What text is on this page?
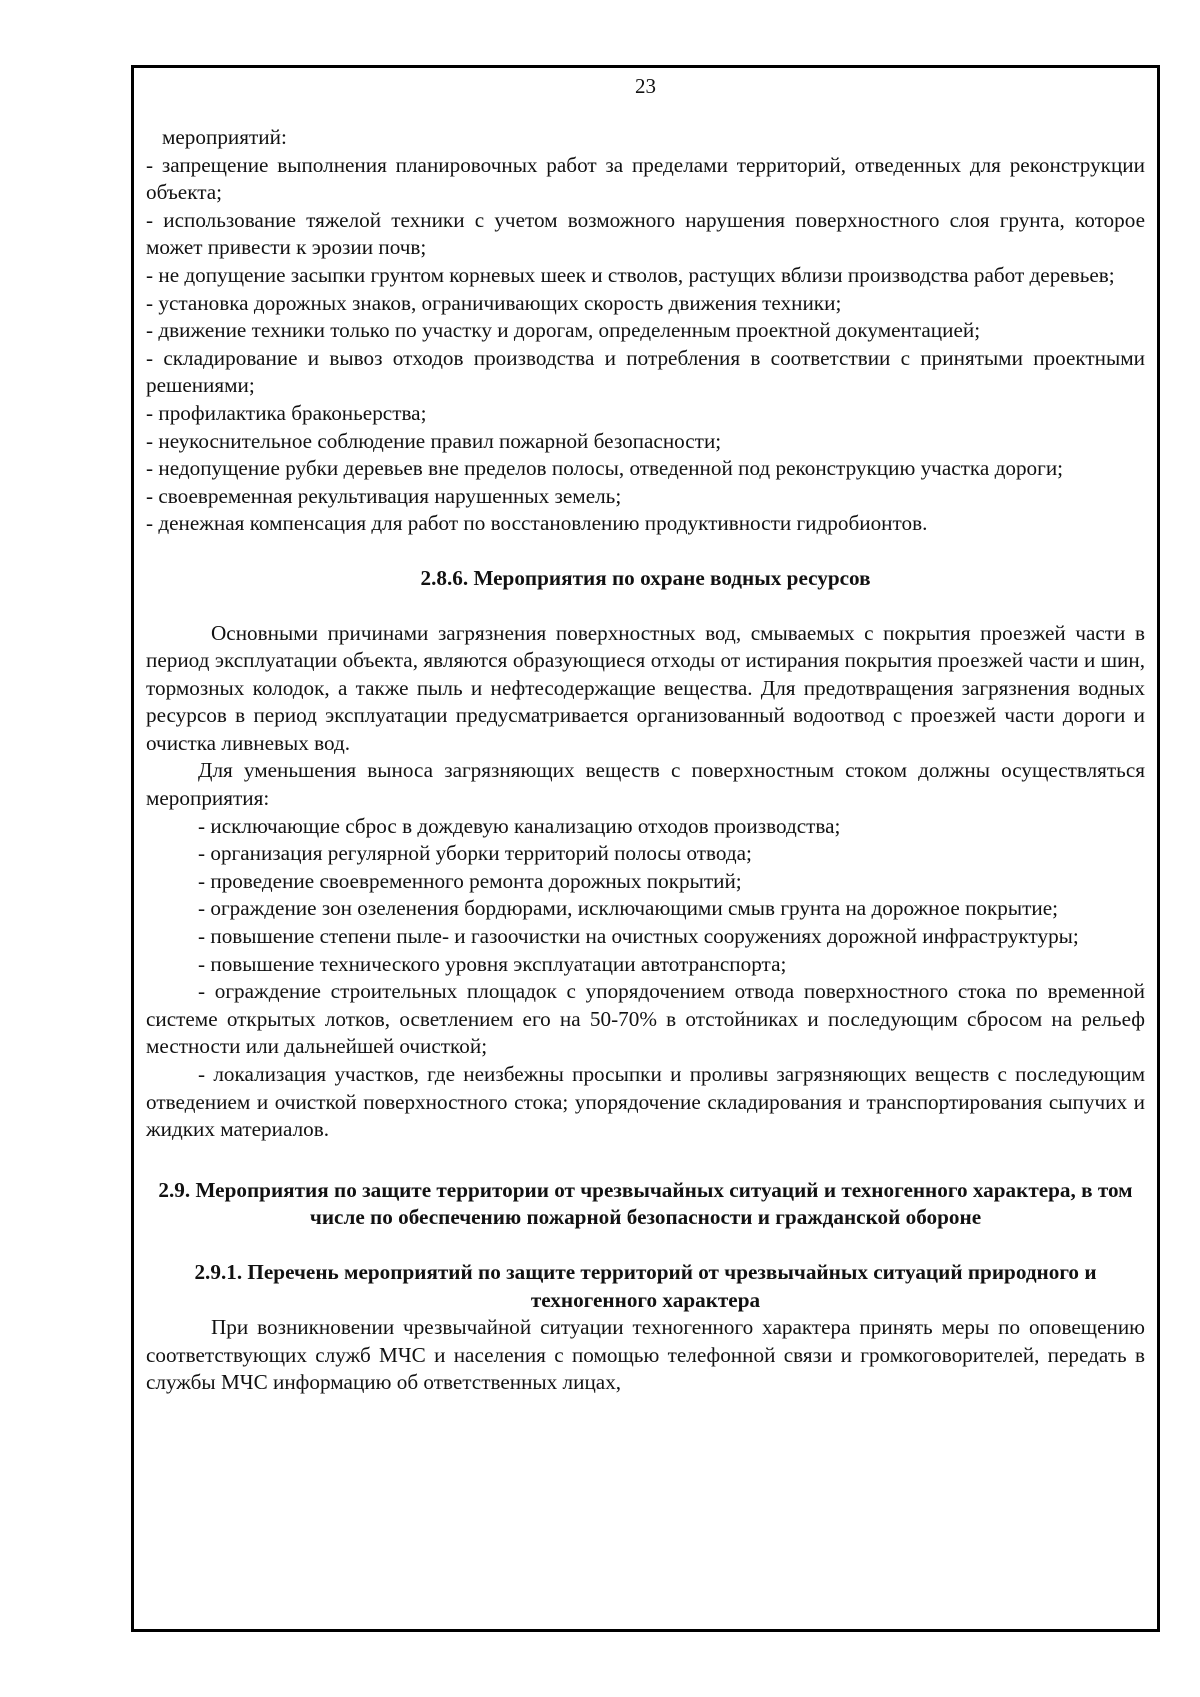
23

мероприятий:

- запрещение выполнения планировочных работ за пределами территорий, отведенных для реконструкции объекта;

- использование тяжелой техники с учетом возможного нарушения поверхностного слоя грунта, которое может привести к эрозии почв;

- не допущение засыпки грунтом корневых шеек и стволов, растущих вблизи производства работ деревьев;

- установка дорожных знаков, ограничивающих скорость движения техники;

- движение техники только по участку и дорогам, определенным проектной документацией;

- складирование и вывоз отходов производства и потребления в соответствии с принятыми проектными решениями;

- профилактика браконьерства;

- неукоснительное соблюдение правил пожарной безопасности;

- недопущение рубки деревьев вне пределов полосы, отведенной под реконструкцию участка дороги;

- своевременная рекультивация нарушенных земель;

- денежная компенсация для работ по восстановлению продуктивности гидробионтов.

2.8.6. Мероприятия по охране водных ресурсов

Основными причинами загрязнения поверхностных вод, смываемых с покрытия проезжей части в период эксплуатации объекта, являются образующиеся отходы от истирания покрытия проезжей части и шин, тормозных колодок, а также пыль и нефтесодержащие вещества. Для предотвращения загрязнения водных ресурсов в период эксплуатации предусматривается организованный водоотвод с проезжей части дороги и очистка ливневых вод.

Для уменьшения выноса загрязняющих веществ с поверхностным стоком должны осуществляться мероприятия:

- исключающие сброс в дождевую канализацию отходов производства;

- организация регулярной уборки территорий полосы отвода;

- проведение своевременного ремонта дорожных покрытий;

- ограждение зон озеленения бордюрами, исключающими смыв грунта на дорожное покрытие;

- повышение степени пыле- и газоочистки на очистных сооружениях дорожной инфраструктуры;

- повышение технического уровня эксплуатации автотранспорта;

- ограждение строительных площадок с упорядочением отвода поверхностного стока по временной системе открытых лотков, осветлением его на 50-70% в отстойниках и последующим сбросом на рельеф местности или дальнейшей очисткой;

- локализация участков, где неизбежны просыпки и проливы загрязняющих веществ с последующим отведением и очисткой поверхностного стока; упорядочение складирования и транспортирования сыпучих и жидких материалов.

2.9. Мероприятия по защите территории от чрезвычайных ситуаций и техногенного характера, в том числе по обеспечению пожарной безопасности и гражданской обороне

2.9.1. Перечень мероприятий по защите территорий от чрезвычайных ситуаций природного и техногенного характера

При возникновении чрезвычайной ситуации техногенного характера принять меры по оповещению соответствующих служб МЧС и населения с помощью телефонной связи и громкоговорителей, передать в службы МЧС информацию об ответственных лицах,
